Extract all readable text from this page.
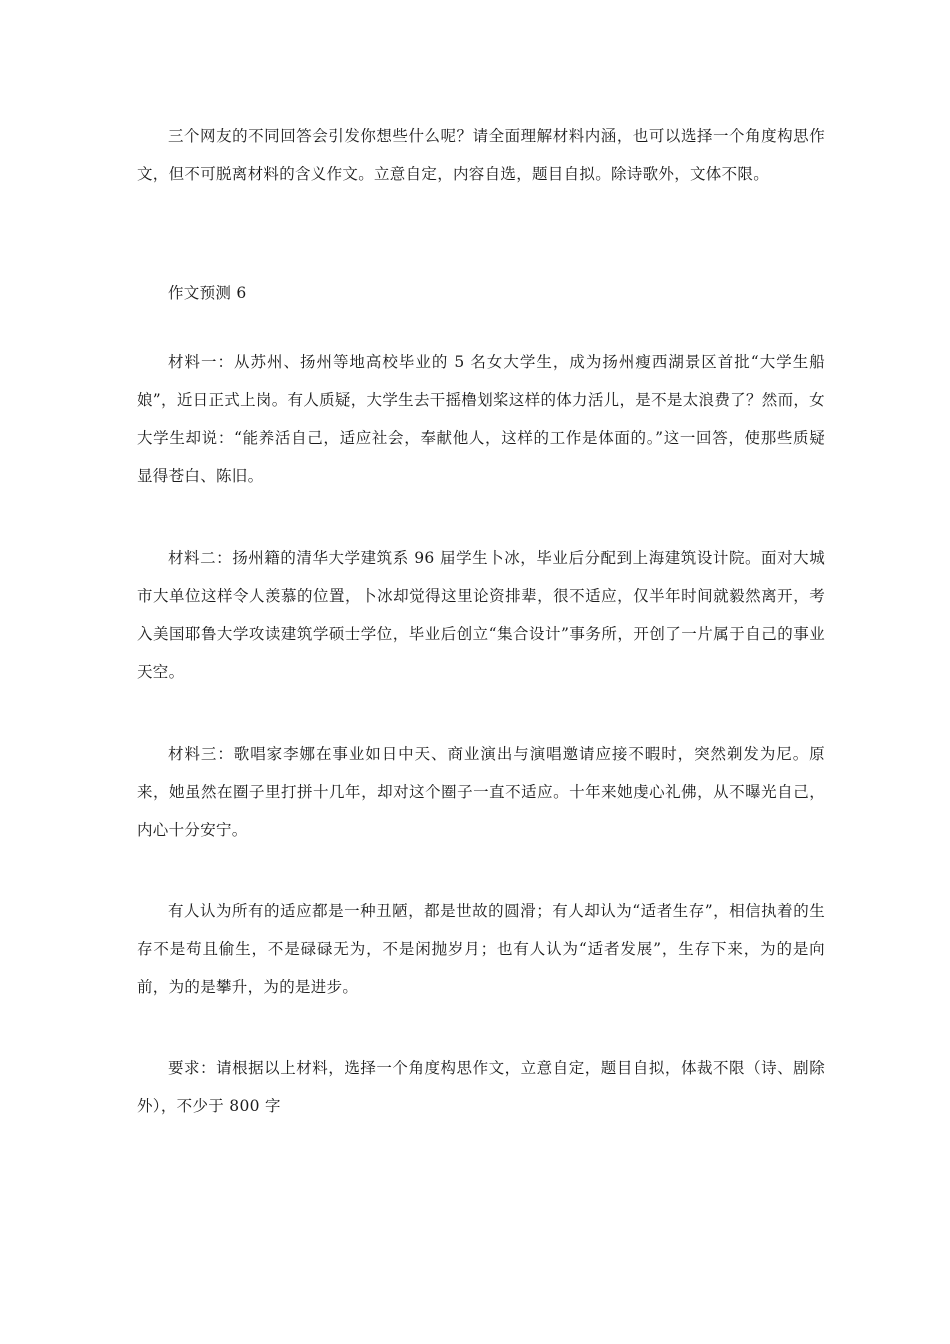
三个网友的不同回答会引发你想些什么呢？请全面理解材料内涵，也可以选择一个角度构思作文，但不可脱离材料的含义作文。立意自定，内容自选，题目自拟。除诗歌外，文体不限。

作文预测 6

材料一：从苏州、扬州等地高校毕业的 5 名女大学生，成为扬州瘦西湖景区首批“大学生船娘”，近日正式上岗。有人质疑，大学生去干摇橹划桨这样的体力活儿，是不是太浪费了？然而，女大学生却说：“能养活自己，适应社会，奉献他人，这样的工作是体面的。”这一回答，使那些质疑显得苍白、陈旧。

材料二：扬州籍的清华大学建筑系 96 届学生卜冰，毕业后分配到上海建筑设计院。面对大城市大单位这样令人羡慕的位置，卜冰却觉得这里论资排辈，很不适应，仅半年时间就毅然离开，考入美国耶鲁大学攻读建筑学硕士学位，毕业后创立“集合设计”事务所，开创了一片属于自己的事业天空。

材料三：歌唱家李娜在事业如日中天、商业演出与演唱邀请应接不暇时，突然剃发为尼。原来，她虽然在圈子里打拼十几年，却对这个圈子一直不适应。十年来她虔心礼佛，从不曝光自己，内心十分安宁。

有人认为所有的适应都是一种丑陋，都是世故的圆滑；有人却认为“适者生存”，相信执着的生存不是苟且偷生，不是碌碌无为，不是闲抛岁月；也有人认为“适者发展”，生存下来，为的是向前，为的是攀升，为的是进步。

要求：请根据以上材料，选择一个角度构思作文，立意自定，题目自拟，体裁不限（诗、剧除外），不少于 800 字
